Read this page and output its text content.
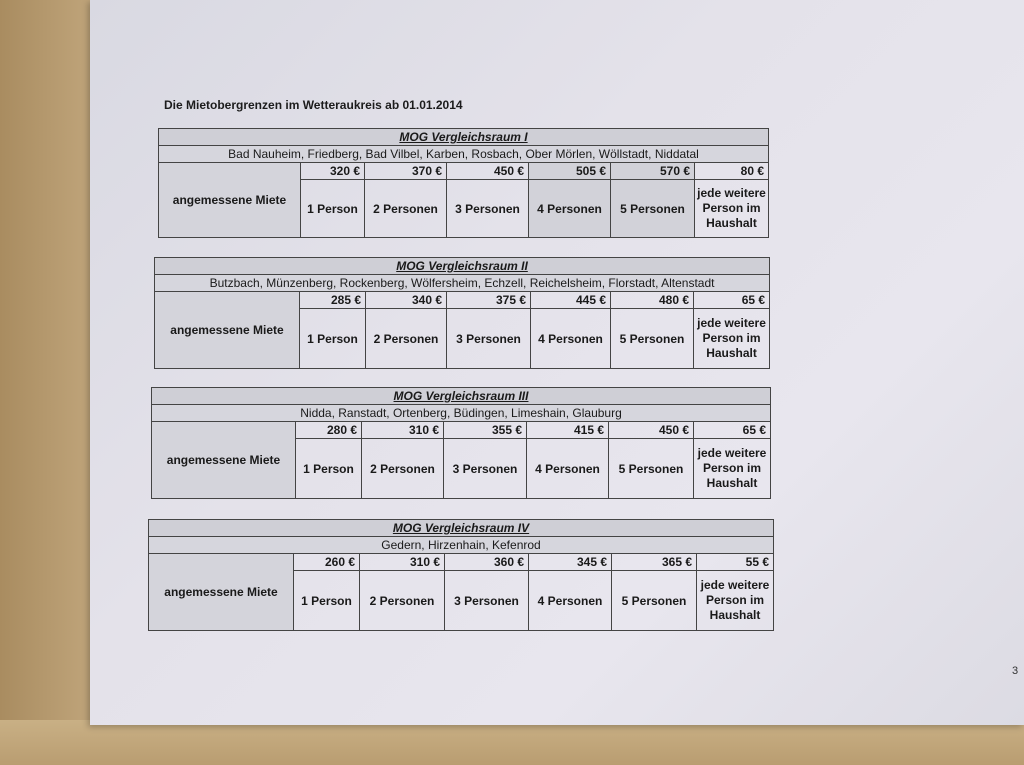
Die Mietobergrenzen im Wetteraukreis ab 01.01.2014
3
MOG Vergleichsraum I						
Bad Nauheim, Friedberg, Bad Vilbel, Karben, Rosbach, Ober Mörlen, Wöllstadt, Niddatal						
angemessene Miete	320 €	370 €	450 €	505 €	570 €	80 €
	1 Person	2 Personen	3 Personen	4 Personen	5 Personen	jede weitere Person im Haushalt
MOG Vergleichsraum II						
Butzbach, Münzenberg, Rockenberg, Wölfersheim, Echzell, Reichelsheim, Florstadt, Altenstadt						
angemessene Miete	285 €	340 €	375 €	445 €	480 €	65 €
	1 Person	2 Personen	3 Personen	4 Personen	5 Personen	jede weitere Person im Haushalt
MOG Vergleichsraum III						
Nidda, Ranstadt, Ortenberg, Büdingen, Limeshain, Glauburg						
angemessene Miete	280 €	310 €	355 €	415 €	450 €	65 €
	1 Person	2 Personen	3 Personen	4 Personen	5 Personen	jede weitere Person im Haushalt
MOG Vergleichsraum IV						
Gedern, Hirzenhain, Kefenrod						
angemessene Miete	260 €	310 €	360 €	345 €	365 €	55 €
	1 Person	2 Personen	3 Personen	4 Personen	5 Personen	jede weitere Person im Haushalt
